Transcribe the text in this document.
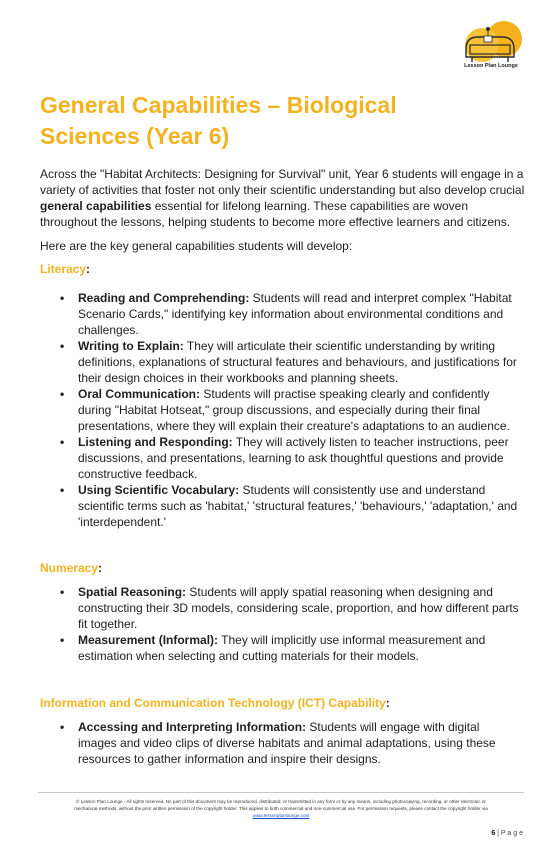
Lesson Plan Lounge
General Capabilities – Biological Sciences (Year 6)

Across the "Habitat Architects: Designing for Survival" unit, Year 6 students will engage in a variety of activities that foster not only their scientific understanding but also develop crucial general capabilities essential for lifelong learning. These capabilities are woven throughout the lessons, helping students to become more effective learners and citizens.

Here are the key general capabilities students will develop:

Literacy:

• Reading and Comprehending: Students will read and interpret complex "Habitat Scenario Cards," identifying key information about environmental conditions and challenges.
• Writing to Explain: They will articulate their scientific understanding by writing definitions, explanations of structural features and behaviours, and justifications for their design choices in their workbooks and planning sheets.
• Oral Communication: Students will practise speaking clearly and confidently during "Habitat Hotseat," group discussions, and especially during their final presentations, where they will explain their creature's adaptations to an audience.
• Listening and Responding: They will actively listen to teacher instructions, peer discussions, and presentations, learning to ask thoughtful questions and provide constructive feedback.
• Using Scientific Vocabulary: Students will consistently use and understand scientific terms such as 'habitat,' 'structural features,' 'behaviours,' 'adaptation,' and 'interdependent.'

Numeracy:

• Spatial Reasoning: Students will apply spatial reasoning when designing and constructing their 3D models, considering scale, proportion, and how different parts fit together.
• Measurement (Informal): They will implicitly use informal measurement and estimation when selecting and cutting materials for their models.

Information and Communication Technology (ICT) Capability:

• Accessing and Interpreting Information: Students will engage with digital images and video clips of diverse habitats and animal adaptations, using these resources to gather information and inspire their designs.
© Lesson Plan Lounge - All rights reserved. No part of this document may be reproduced, distributed, or transmitted in any form or by any means, including photocopying, recording, or other electronic or
mechanical methods, without the prior written permission of the copyright holder. This applies to both commercial and non-commercial use. For permission requests, please contact the copyright holder via
www.lessonplanlounge.com
6 | P a g e
